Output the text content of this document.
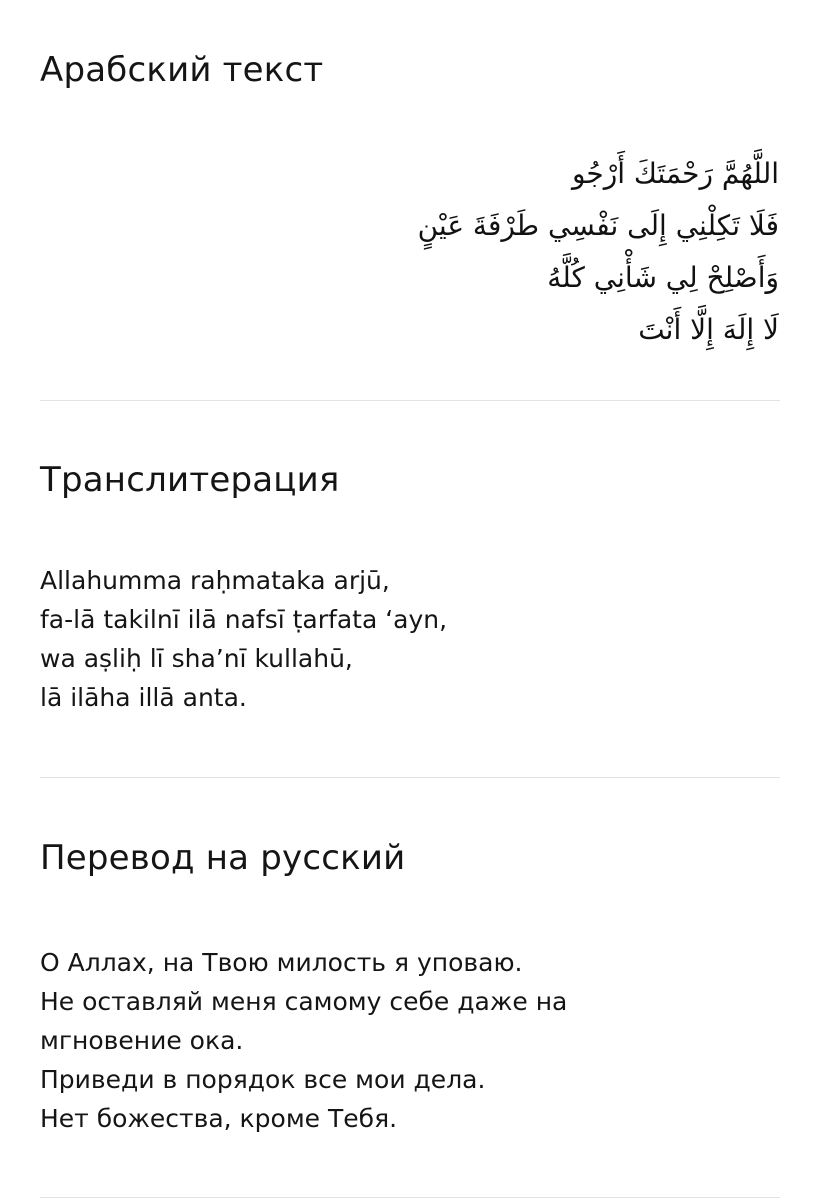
Арабский текст
اللَّهُمَّ رَحْمَتَكَ أَرْجُو
فَلَا تَكِلْنِي إِلَى نَفْسِي طَرْفَةَ عَيْنٍ
وَأَصْلِحْ لِي شَأْنِي كُلَّهُ
لَا إِلَهَ إِلَّا أَنْتَ
Транслитерация
Allahumma raḥmataka arjū,
fa-lā takilnī ilā nafsī ṭarfata ‘ayn,
wa aṣliḥ lī sha’nī kullahū,
lā ilāha illā anta.
Перевод на русский
О Аллах, на Твою милость я уповаю.
Не оставляй меня самому себе даже на
мгновение ока.
Приведи в порядок все мои дела.
Нет божества, кроме Тебя.
